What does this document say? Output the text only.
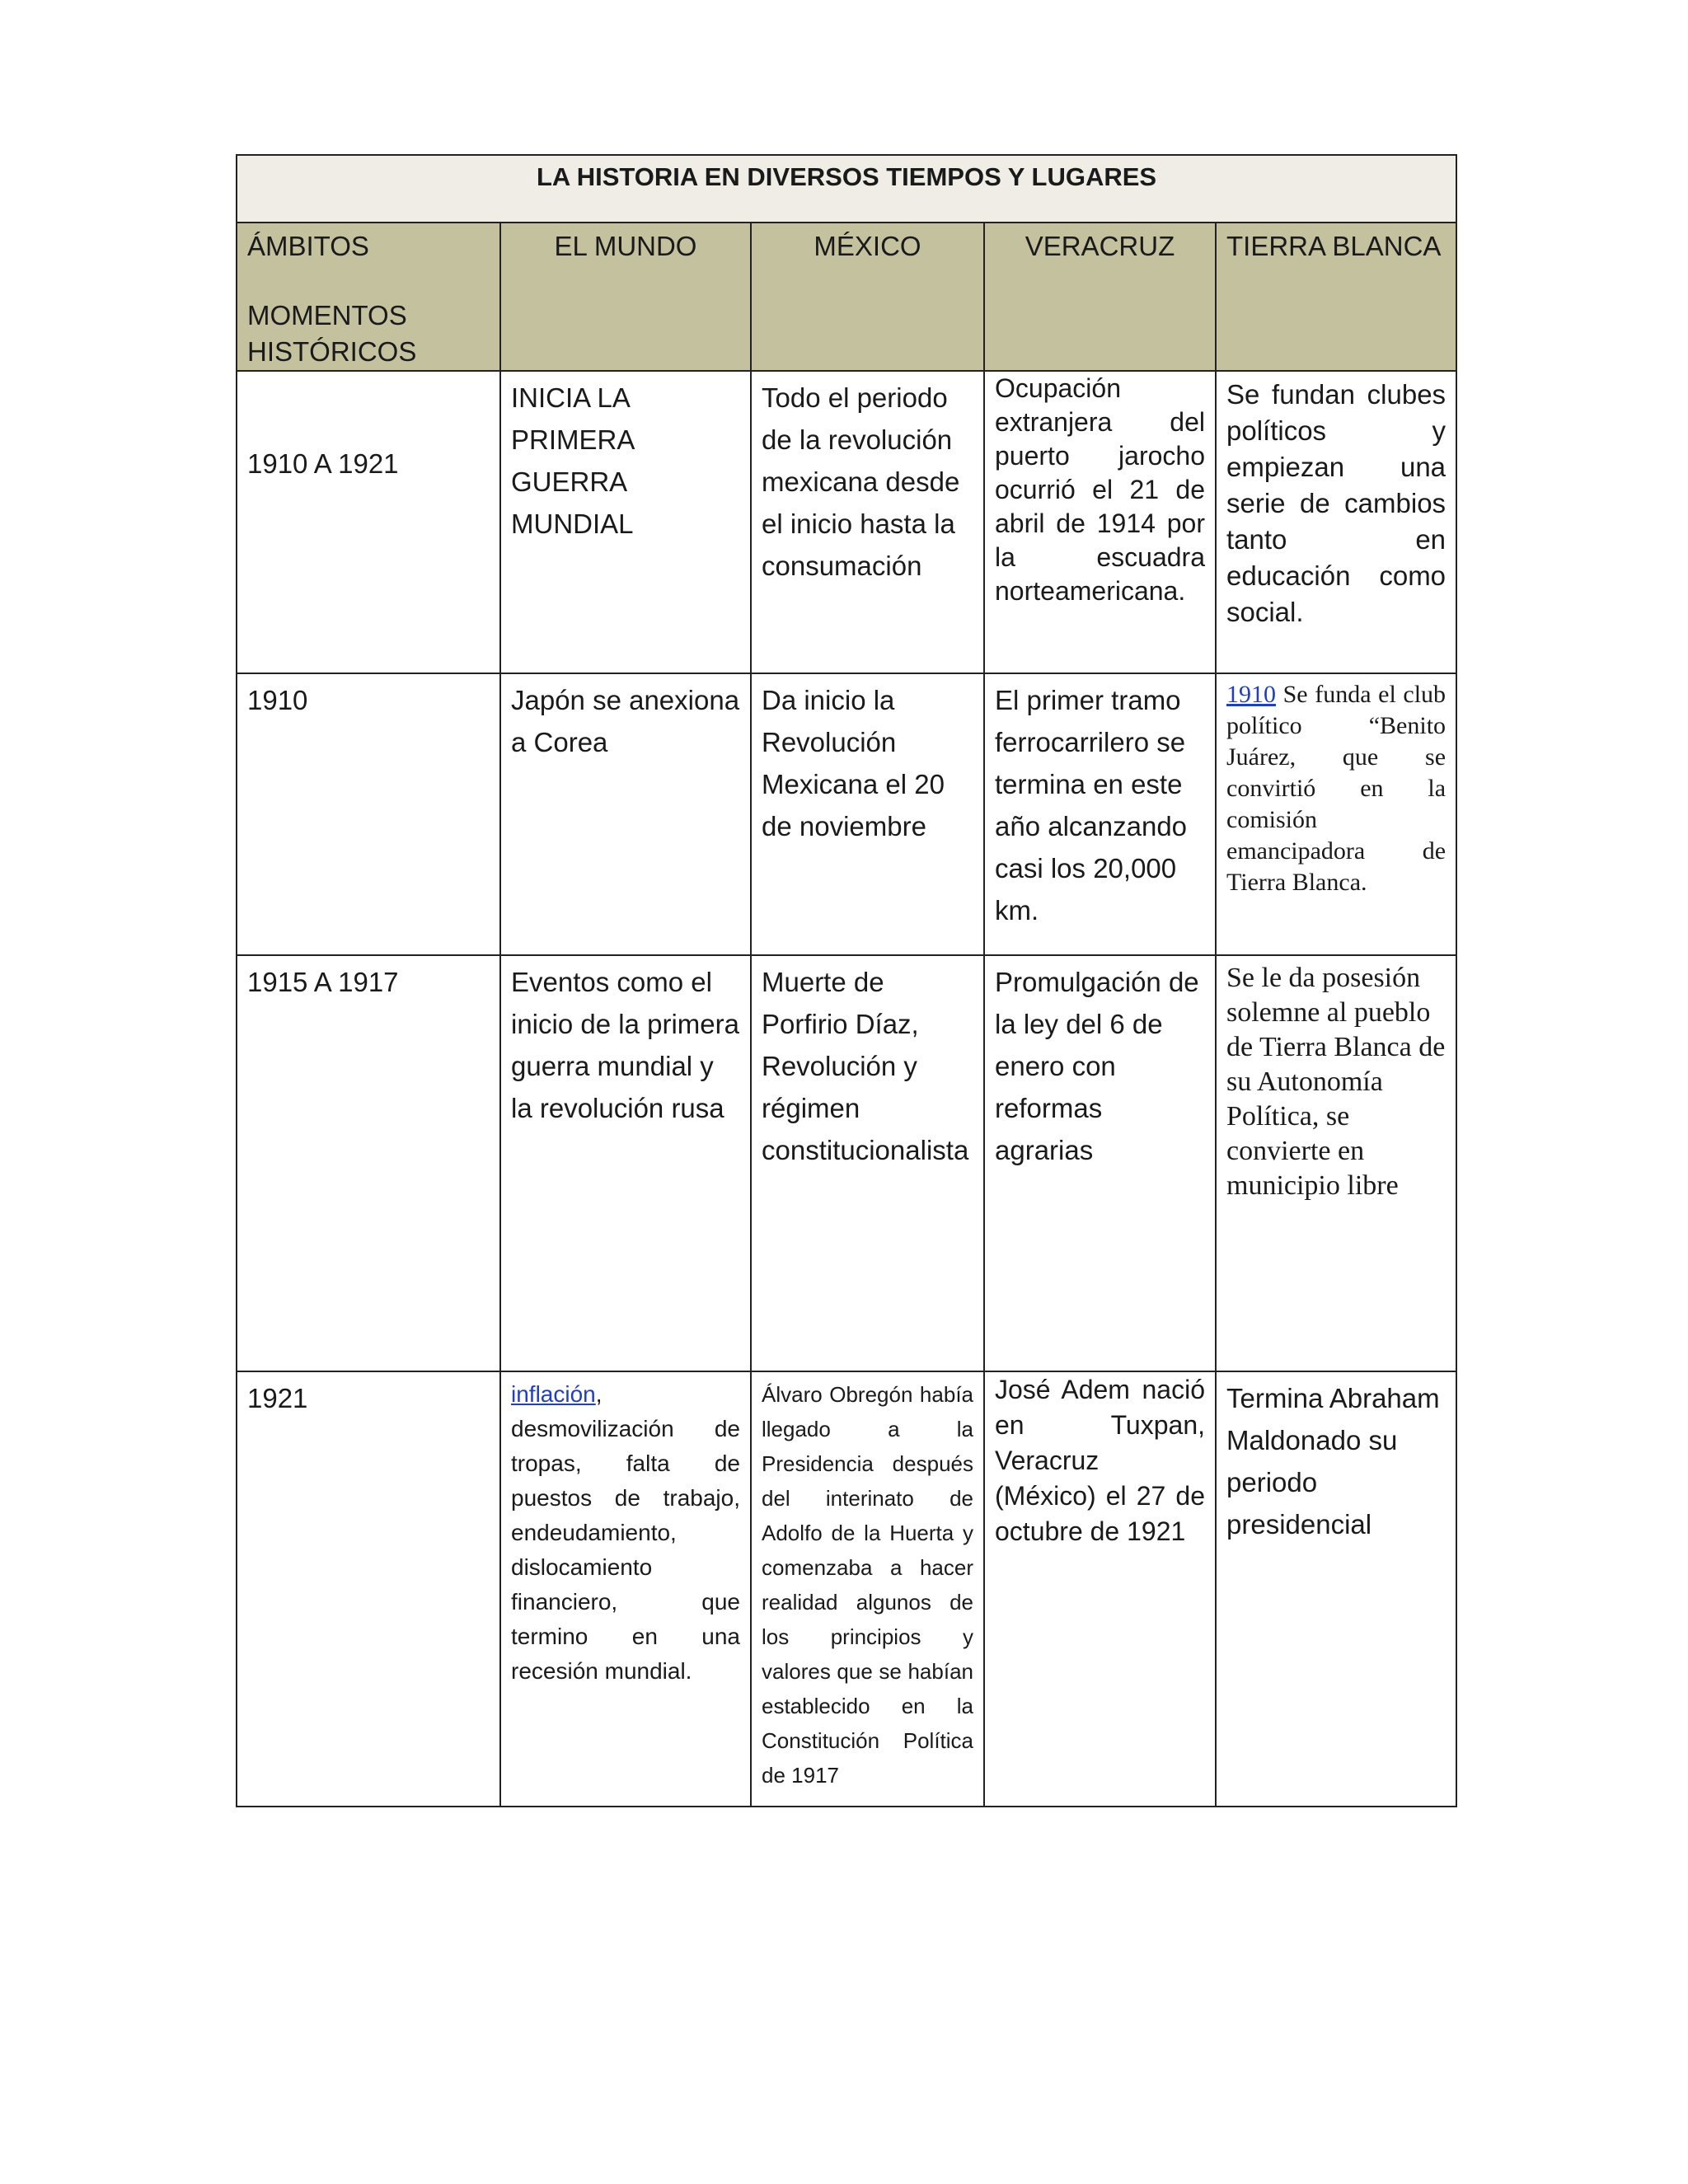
LA HISTORIA EN DIVERSOS TIEMPOS Y LUGARES				

ÁMBITOS
MOMENTOS HISTÓRICOS	EL MUNDO	MÉXICO	VERACRUZ	TIERRA BLANCA

1910 A 1921	INICIA LA PRIMERA GUERRA MUNDIAL	Todo el periodo de la revolución mexicana desde el inicio hasta la consumación	Ocupación extranjera del puerto jarocho ocurrió el 21 de abril de 1914 por la escuadra norteamericana.	Se fundan clubes políticos y empiezan una serie de cambios tanto en educación como social.
1910	Japón se anexiona a Corea	Da inicio la Revolución Mexicana el 20 de noviembre	El primer tramo ferrocarrilero se termina en este año alcanzando casi los 20,000 km.	1910 Se funda el club político “Benito Juárez, que se convirtió en la comisión emancipadora de Tierra Blanca.
1915 A 1917	Eventos como el inicio de la primera guerra mundial y la revolución rusa	Muerte de Porfirio Díaz, Revolución y régimen constitucionalista	Promulgación de la ley del 6 de enero con reformas agrarias	Se le da posesión solemne al pueblo de Tierra Blanca de su Autonomía Política, se convierte en municipio libre
1921	inflación, desmovilización de tropas, falta de puestos de trabajo, endeudamiento, dislocamiento financiero, que termino en una recesión mundial.	Álvaro Obregón había llegado a la Presidencia después del interinato de Adolfo de la Huerta y comenzaba a hacer realidad algunos de los principios y valores que se habían establecido en la Constitución Política de 1917	José Adem nació en Tuxpan, Veracruz (México) el 27 de octubre de 1921	Termina Abraham Maldonado su periodo presidencial
